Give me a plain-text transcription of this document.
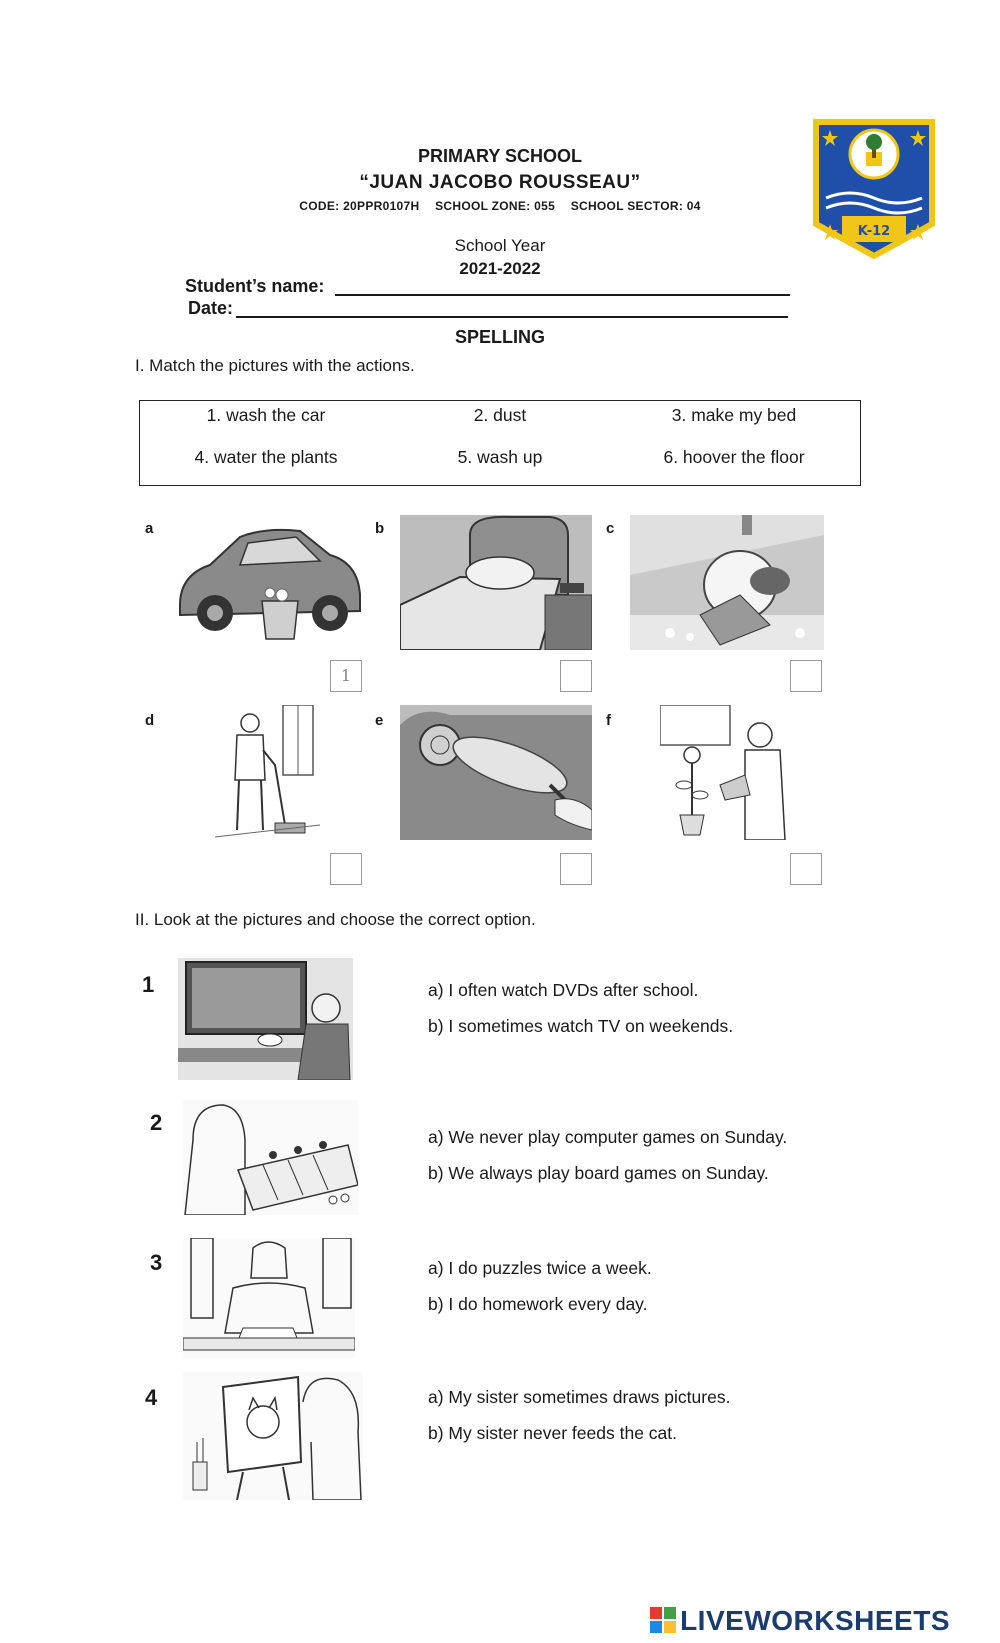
PRIMARY SCHOOL
“JUAN JACOBO ROUSSEAU”
CODE: 20PPR0107H SCHOOL ZONE: 055 SCHOOL SECTOR: 04
K-12
School Year
2021-2022
Student’s name:
Date:
SPELLING
I. Match the pictures with the actions.
1. wash the car	2. dust	3. make my bed
4. water the plants	5. wash up	6. hoover the floor
a
1
b	c
d	e	f
II. Look at the pictures and choose the correct option.
1	a) I often watch DVDs after school.
b) I sometimes watch TV on weekends.
2
a) We never play computer games on Sunday.
b) We always play board games on Sunday.
3	a) I do puzzles twice a week.
b) I do homework every day.
4	a) My sister sometimes draws pictures.
b) My sister never feeds the cat.
LIVEWORKSHEETS
